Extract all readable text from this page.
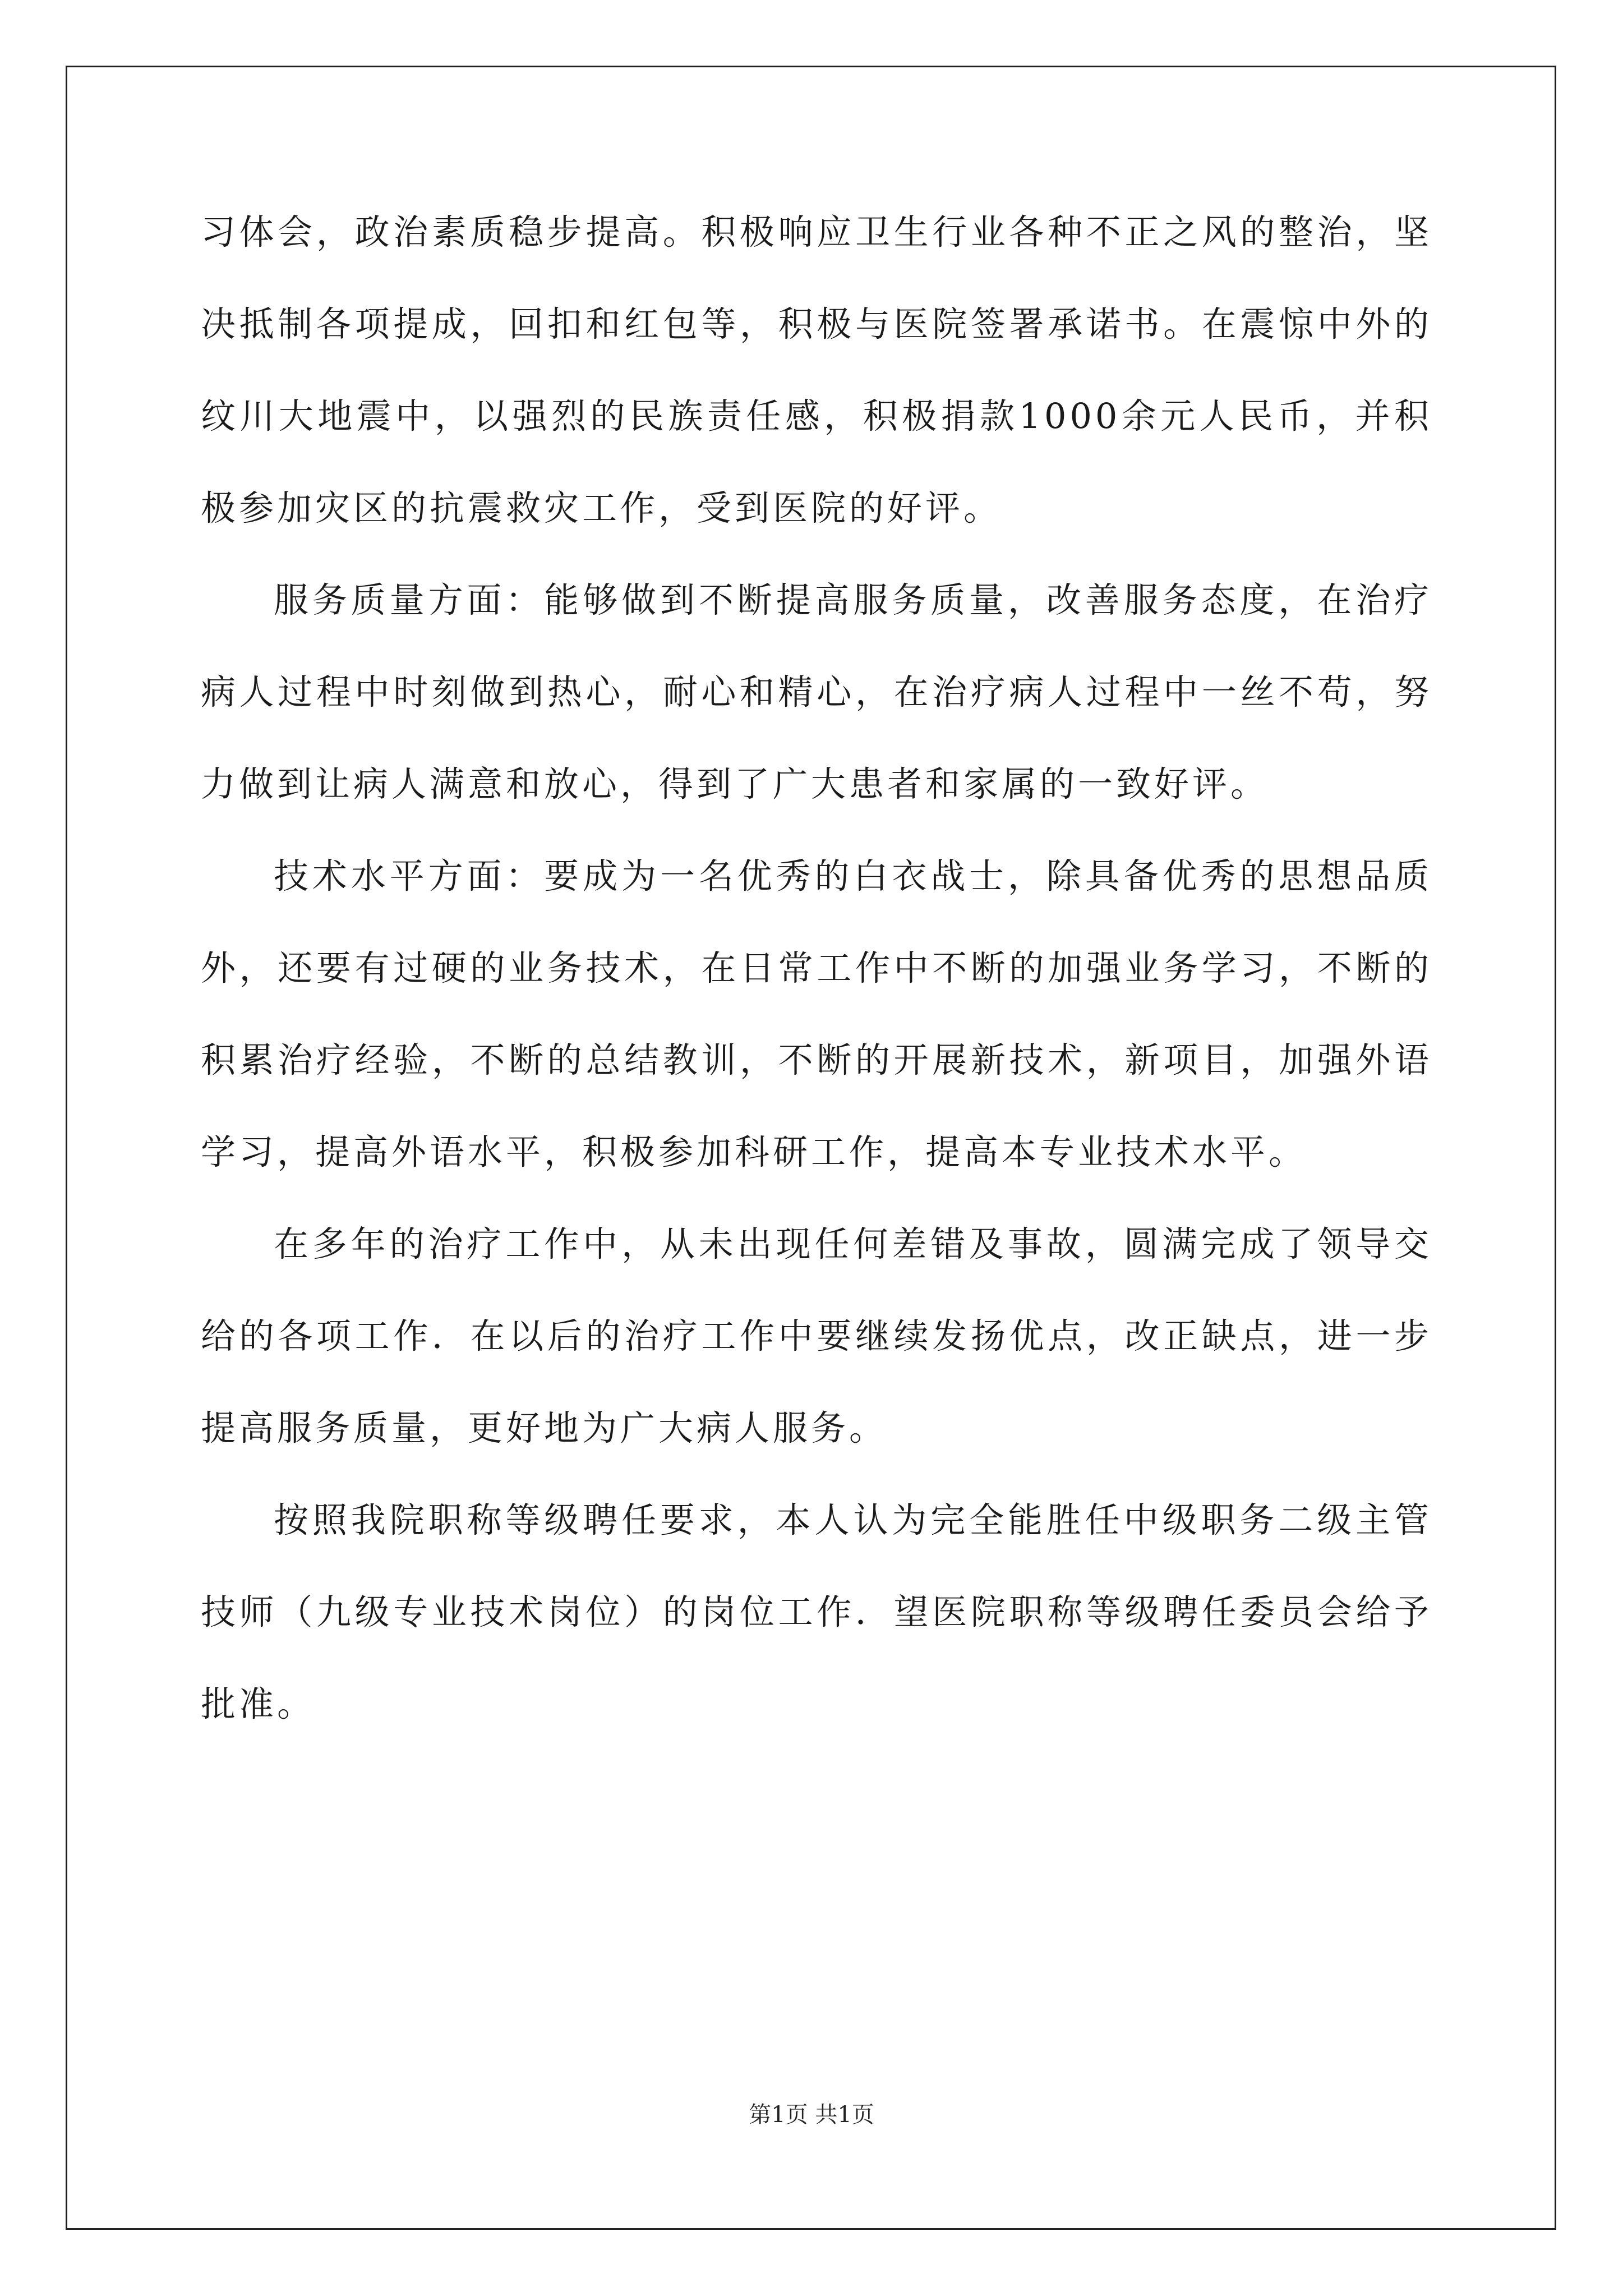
习体会，政治素质稳步提高。积极响应卫生行业各种不正之风的整治，坚决抵制各项提成，回扣和红包等，积极与医院签署承诺书。在震惊中外的纹川大地震中，以强烈的民族责任感，积极捐款1000余元人民币，并积极参加灾区的抗震救灾工作，受到医院的好评。

服务质量方面：能够做到不断提高服务质量，改善服务态度，在治疗病人过程中时刻做到热心，耐心和精心，在治疗病人过程中一丝不苟，努力做到让病人满意和放心，得到了广大患者和家属的一致好评。

技术水平方面：要成为一名优秀的白衣战士，除具备优秀的思想品质外，还要有过硬的业务技术，在日常工作中不断的加强业务学习，不断的积累治疗经验，不断的总结教训，不断的开展新技术，新项目，加强外语学习，提高外语水平，积极参加科研工作，提高本专业技术水平。

在多年的治疗工作中，从未出现任何差错及事故，圆满完成了领导交给的各项工作．在以后的治疗工作中要继续发扬优点，改正缺点，进一步提高服务质量，更好地为广大病人服务。

按照我院职称等级聘任要求，本人认为完全能胜任中级职务二级主管技师（九级专业技术岗位）的岗位工作．望医院职称等级聘任委员会给予批准。

第1页 共1页
